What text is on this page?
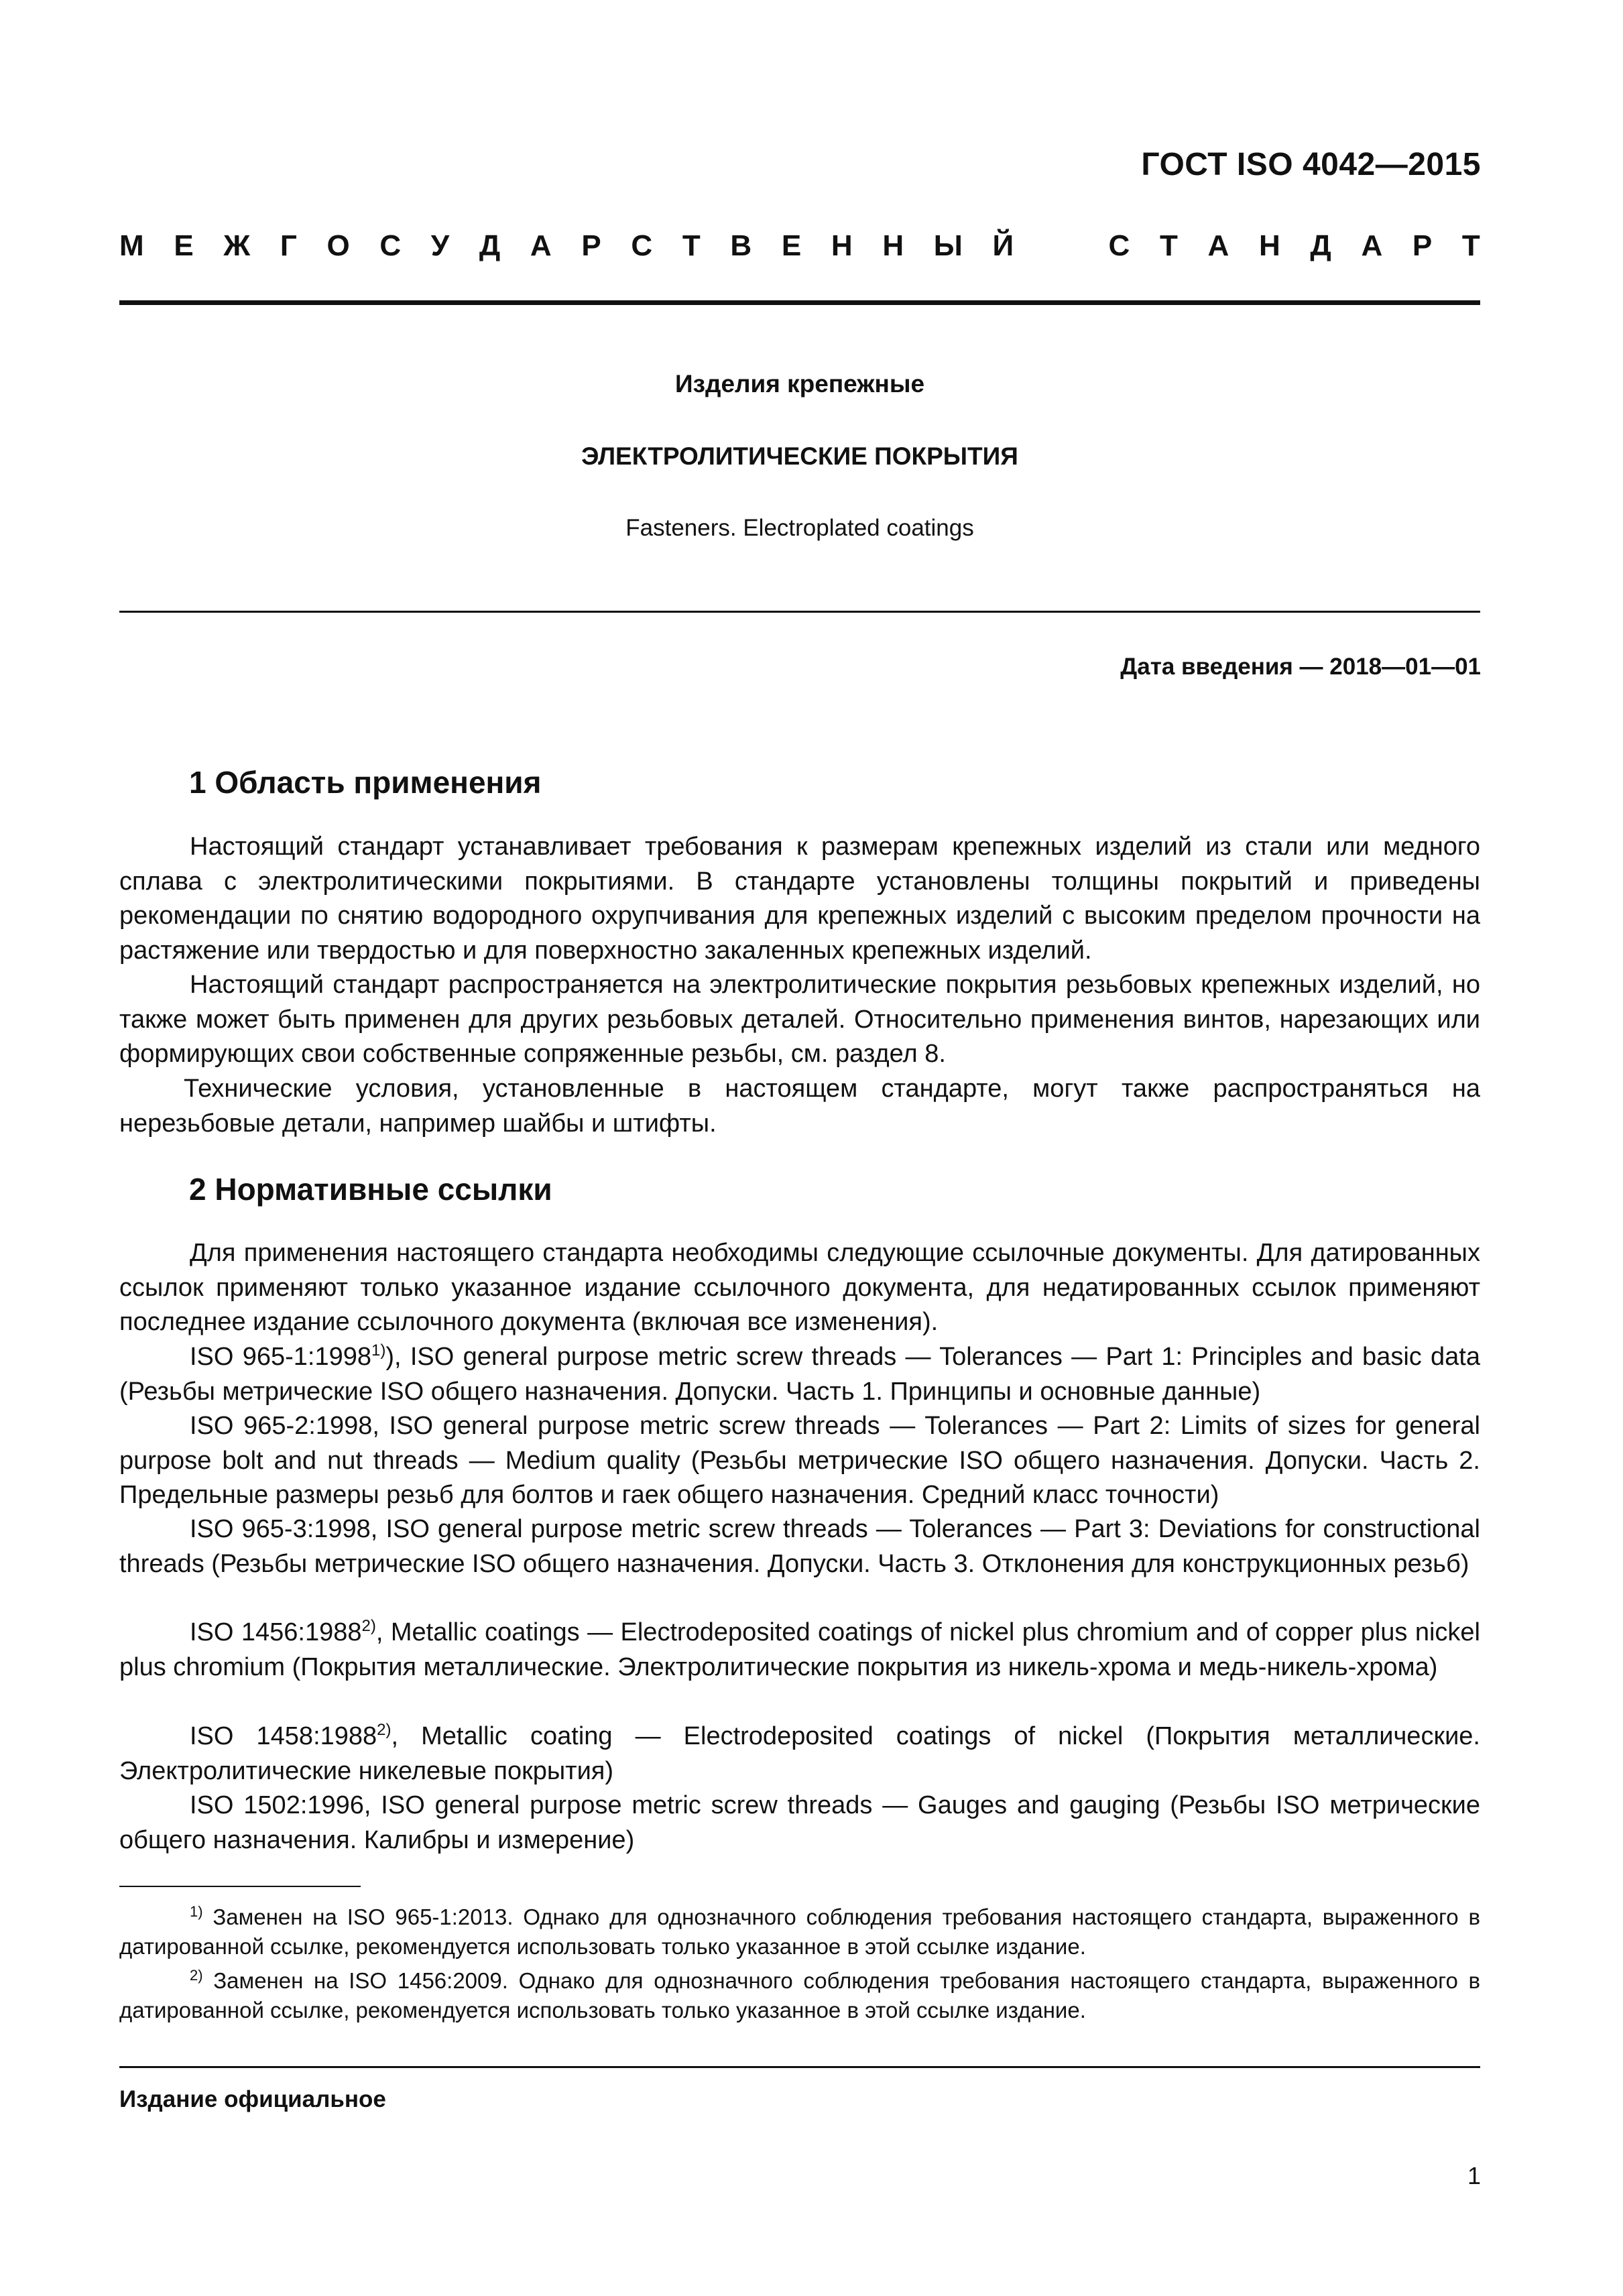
ГОСТ ISO 4042—2015
М Е Ж Г О С У Д А Р С Т В Е Н Н Ы Й	С Т А Н Д А Р Т
Изделия крепежные
ЭЛЕКТРОЛИТИЧЕСКИЕ ПОКРЫТИЯ
Fasteners. Electroplated coatings
Дата введения — 2018—01—01
1 Область применения

Настоящий стандарт устанавливает требования к размерам крепежных изделий из стали или медного сплава с электролитическими покрытиями. В стандарте установлены толщины покрытий и приведены рекомендации по снятию водородного охрупчивания для крепежных изделий с высоким пределом прочности на растяжение или твердостью и для поверхностно закаленных крепежных изделий.

Настоящий стандарт распространяется на электролитические покрытия резьбовых крепежных изделий, но также может быть применен для других резьбовых деталей. Относительно применения винтов, нарезающих или формирующих свои собственные сопряженные резьбы, см. раздел 8.

Технические условия, установленные в настоящем стандарте, могут также распространяться на нерезьбовые детали, например шайбы и штифты.

2 Нормативные ссылки

Для применения настоящего стандарта необходимы следующие ссылочные документы. Для датированных ссылок применяют только указанное издание ссылочного документа, для недатированных ссылок применяют последнее издание ссылочного документа (включая все изменения).

ISO 965-1:1998$^{1)}$), ISO general purpose metric screw threads — Tolerances — Part 1: Principles and basic data (Резьбы метрические ISO общего назначения. Допуски. Часть 1. Принципы и основные данные)

ISO 965-2:1998, ISO general purpose metric screw threads — Tolerances — Part 2: Limits of sizes for general purpose bolt and nut threads — Medium quality (Резьбы метрические ISO общего назначения. Допуски. Часть 2. Предельные размеры резьб для болтов и гаек общего назначения. Средний класс точности)

ISO 965-3:1998, ISO general purpose metric screw threads — Tolerances — Part 3: Deviations for constructional threads (Резьбы метрические ISO общего назначения. Допуски. Часть 3. Отклонения для конструкционных резьб)

ISO 1456:1988$^{2)}$, Metallic coatings — Electrodeposited coatings of nickel plus chromium and of copper plus nickel plus chromium (Покрытия металлические. Электролитические покрытия из никель-хрома и медь-никель-хрома)

ISO 1458:1988$^{2)}$, Metallic coating — Electrodeposited coatings of nickel (Покрытия металлические. Электролитические никелевые покрытия)

ISO 1502:1996, ISO general purpose metric screw threads — Gauges and gauging (Резьбы ISO метрические общего назначения. Калибры и измерение)

$^{1)}$ Заменен на ISO 965-1:2013. Однако для однозначного соблюдения требования настоящего стандарта, выраженного в датированной ссылке, рекомендуется использовать только указанное в этой ссылке издание.

$^{2)}$ Заменен на ISO 1456:2009. Однако для однозначного соблюдения требования настоящего стандарта, выраженного в датированной ссылке, рекомендуется использовать только указанное в этой ссылке издание.

Издание официальное
1
